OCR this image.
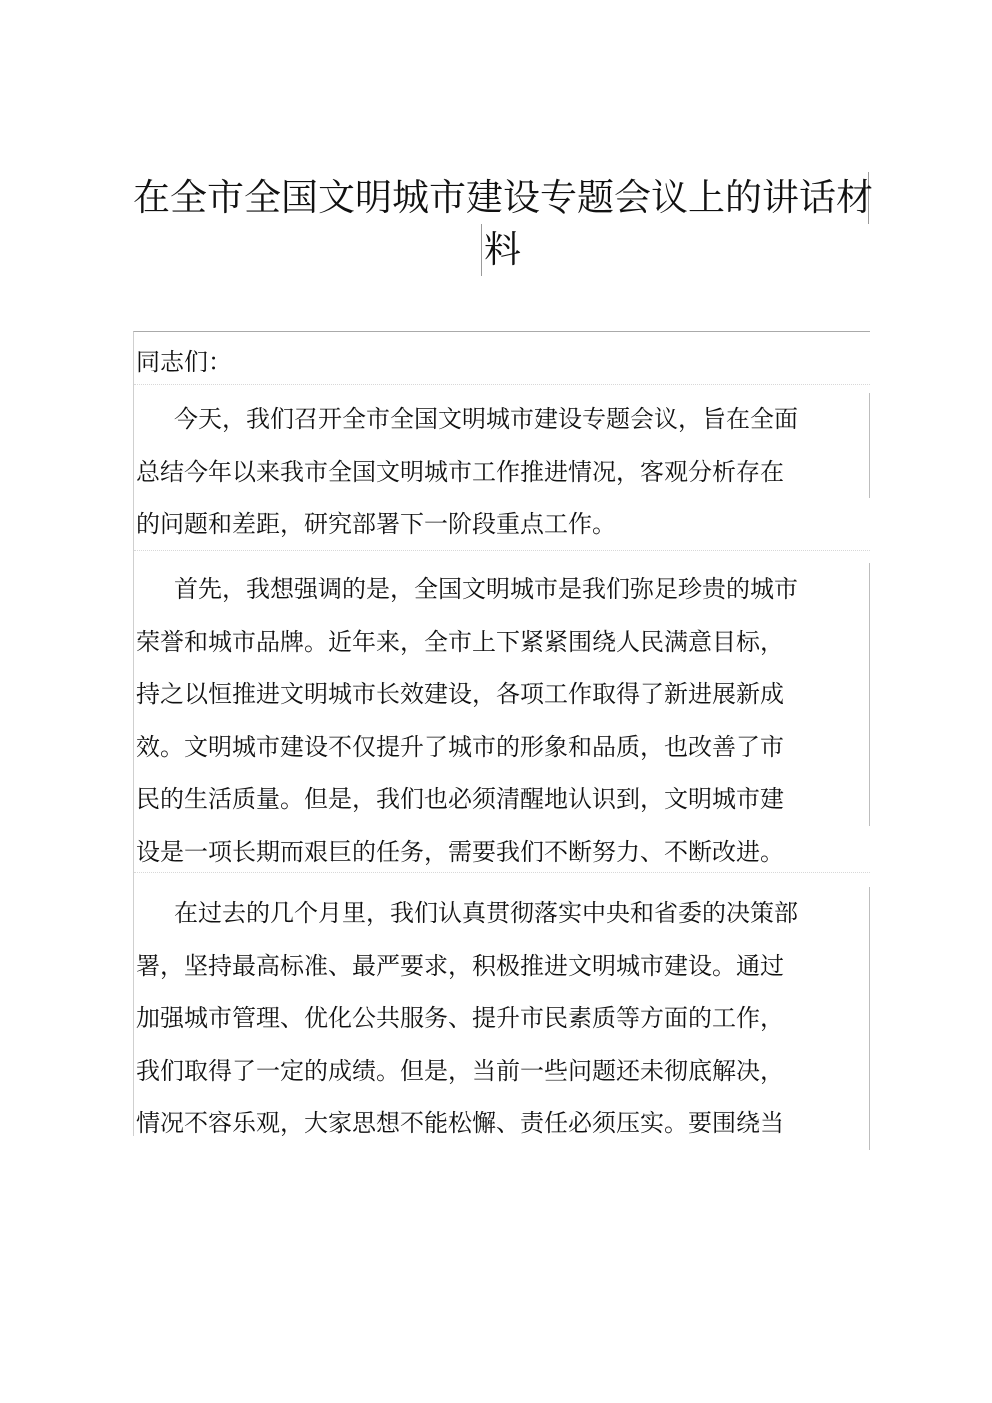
在全市全国文明城市建设专题会议上的讲话材
料
同志们：
今天，我们召开全市全国文明城市建设专题会议，旨在全面
总结今年以来我市全国文明城市工作推进情况，客观分析存在
的问题和差距，研究部署下一阶段重点工作。
首先，我想强调的是，全国文明城市是我们弥足珍贵的城市
荣誉和城市品牌。近年来，全市上下紧紧围绕人民满意目标，
持之以恒推进文明城市长效建设，各项工作取得了新进展新成
效。文明城市建设不仅提升了城市的形象和品质，也改善了市
民的生活质量。但是，我们也必须清醒地认识到，文明城市建
设是一项长期而艰巨的任务，需要我们不断努力、不断改进。
在过去的几个月里，我们认真贯彻落实中央和省委的决策部
署，坚持最高标准、最严要求，积极推进文明城市建设。通过
加强城市管理、优化公共服务、提升市民素质等方面的工作，
我们取得了一定的成绩。但是，当前一些问题还未彻底解决，
情况不容乐观，大家思想不能松懈、责任必须压实。要围绕当
